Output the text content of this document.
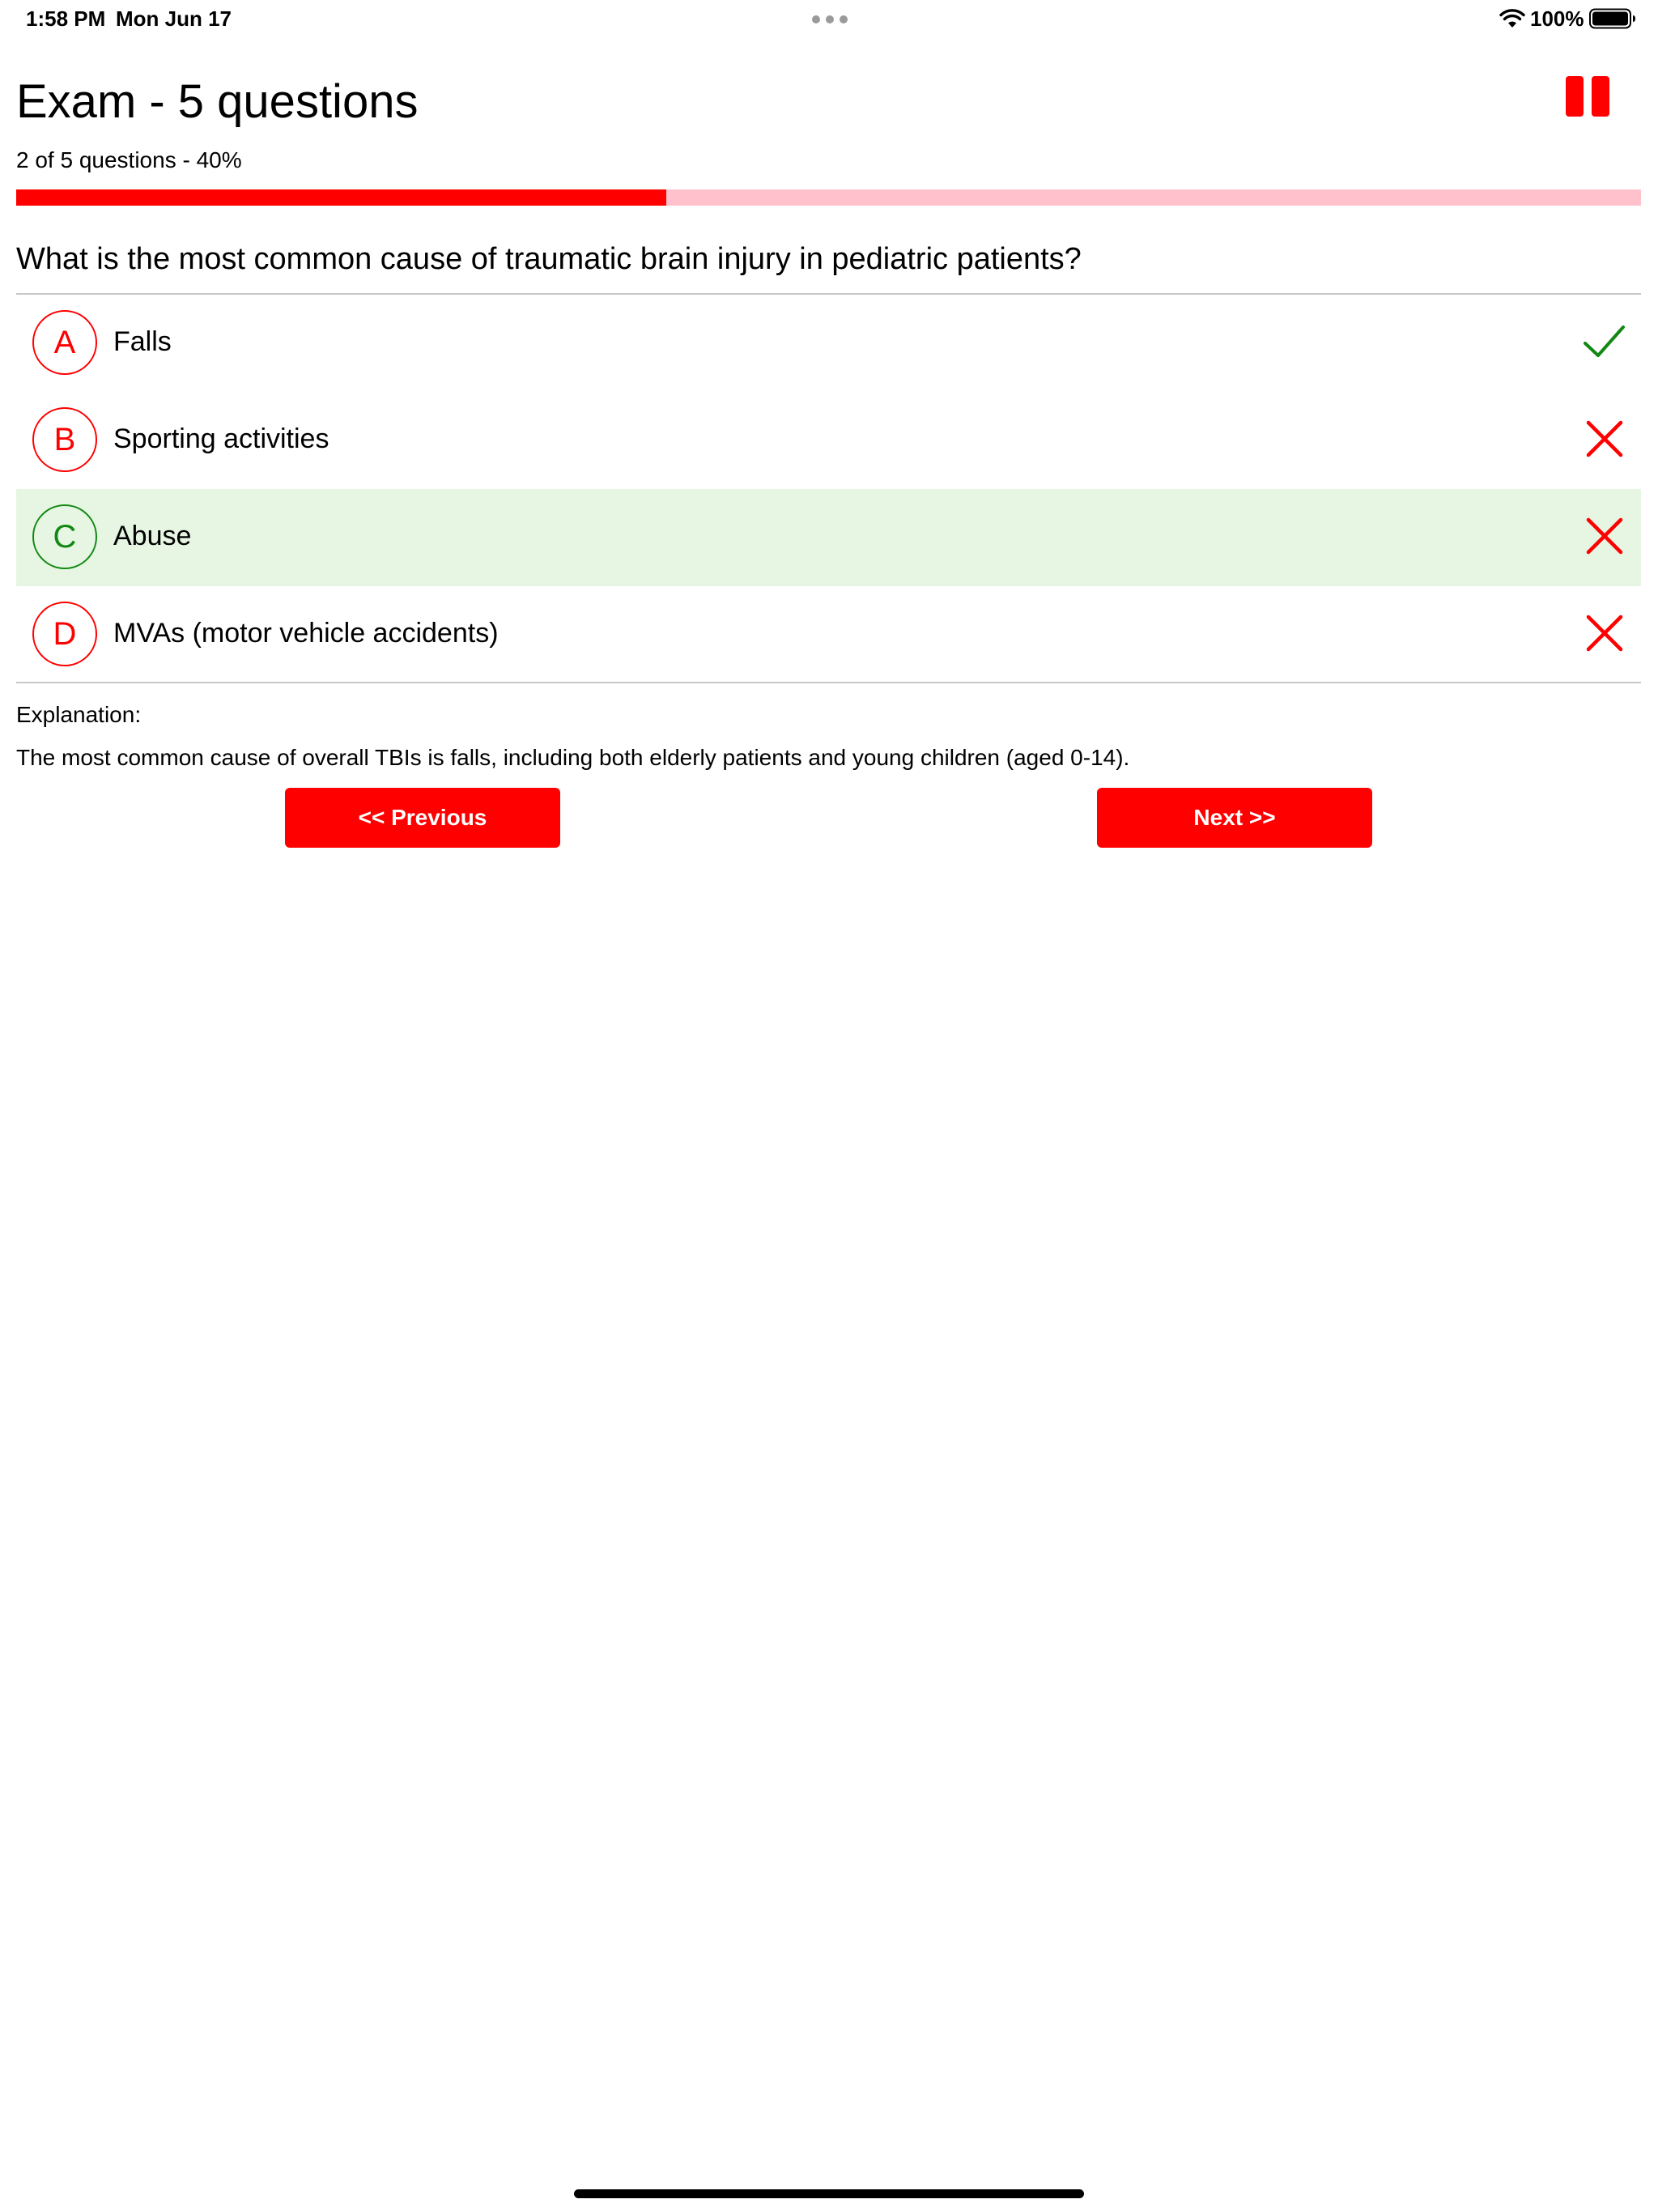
1:58 PM Mon Jun 17	100%
Exam - 5 questions
2 of 5 questions - 40%
What is the most common cause of traumatic brain injury in pediatric patients?
A	Falls
B	Sporting activities
C	Abuse
D	MVAs (motor vehicle accidents)
Explanation:
The most common cause of overall TBIs is falls, including both elderly patients and young children (aged 0-14).
<< Previous	Next >>
